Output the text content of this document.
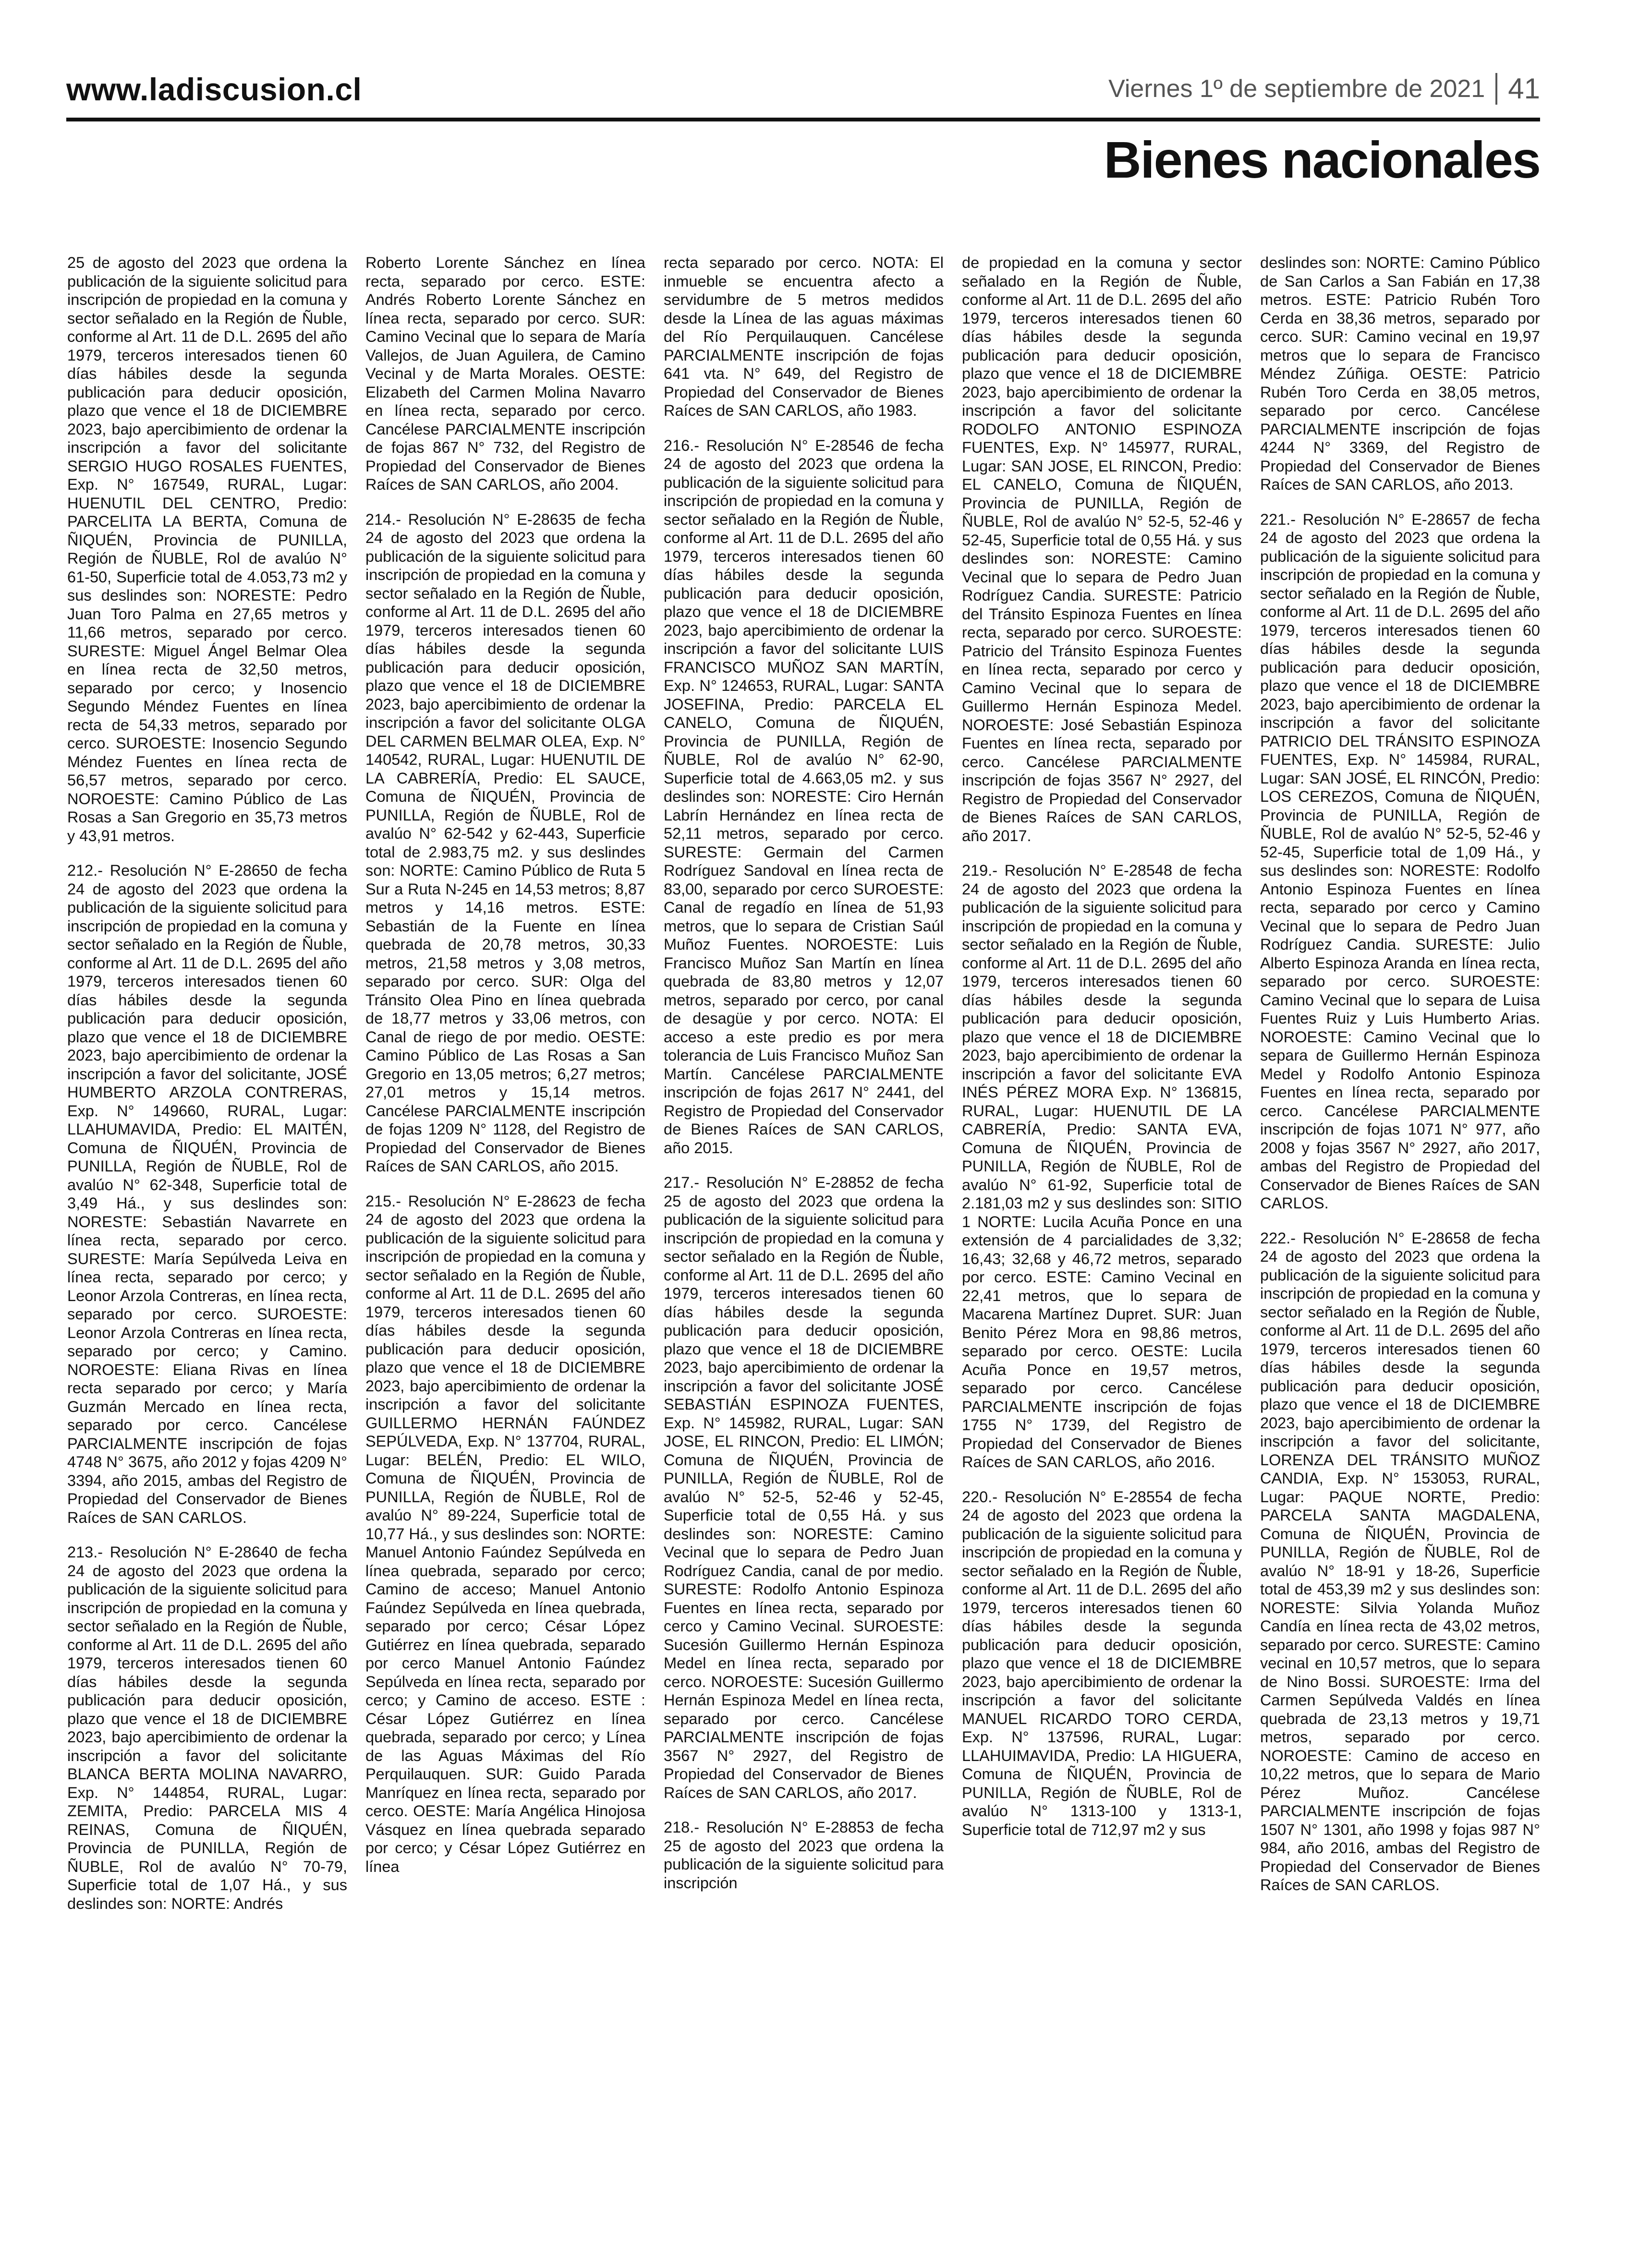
www.ladiscusion.cl	Viernes 1º de septiembre de 2021 41
Bienes nacionales

25 de agosto del 2023 que ordena la publicación de la siguiente solicitud para inscripción de propiedad en la comuna y sector señalado en la Región de Ñuble, conforme al Art. 11 de D.L. 2695 del año 1979, terceros interesados tienen 60 días hábiles desde la segunda publicación para deducir oposición, plazo que vence el 18 de DICIEMBRE 2023, bajo apercibimiento de ordenar la inscripción a favor del solicitante SERGIO HUGO ROSALES FUENTES, Exp. N° 167549, RURAL, Lugar: HUENUTIL DEL CENTRO, Predio: PARCELITA LA BERTA, Comuna de ÑIQUÉN, Provincia de PUNILLA, Región de ÑUBLE, Rol de avalúo N° 61-50, Superficie total de 4.053,73 m2 y sus deslindes son: NORESTE: Pedro Juan Toro Palma en 27,65 metros y 11,66 metros, separado por cerco. SURESTE: Miguel Ángel Belmar Olea en línea recta de 32,50 metros, separado por cerco; y Inosencio Segundo Méndez Fuentes en línea recta de 54,33 metros, separado por cerco. SUROESTE: Inosencio Segundo Méndez Fuentes en línea recta de 56,57 metros, separado por cerco. NOROESTE: Camino Público de Las Rosas a San Gregorio en 35,73 metros y 43,91 metros.

212.- Resolución N° E-28650 de fecha 24 de agosto del 2023 que ordena la publicación de la siguiente solicitud para inscripción de propiedad en la comuna y sector señalado en la Región de Ñuble, conforme al Art. 11 de D.L. 2695 del año 1979, terceros interesados tienen 60 días hábiles desde la segunda publicación para deducir oposición, plazo que vence el 18 de DICIEMBRE 2023, bajo apercibimiento de ordenar la inscripción a favor del solicitante, JOSÉ HUMBERTO ARZOLA CONTRERAS, Exp. N° 149660, RURAL, Lugar: LLAHUMAVIDA, Predio: EL MAITÉN, Comuna de ÑIQUÉN, Provincia de PUNILLA, Región de ÑUBLE, Rol de avalúo N° 62-348, Superficie total de 3,49 Há., y sus deslindes son: NORESTE: Sebastián Navarrete en línea recta, separado por cerco. SURESTE: María Sepúlveda Leiva en línea recta, separado por cerco; y Leonor Arzola Contreras, en línea recta, separado por cerco. SUROESTE: Leonor Arzola Contreras en línea recta, separado por cerco; y Camino. NOROESTE: Eliana Rivas en línea recta separado por cerco; y María Guzmán Mercado en línea recta, separado por cerco. Cancélese PARCIALMENTE inscripción de fojas 4748 N° 3675, año 2012 y fojas 4209 N° 3394, año 2015, ambas del Registro de Propiedad del Conservador de Bienes Raíces de SAN CARLOS.

213.- Resolución N° E-28640 de fecha 24 de agosto del 2023 que ordena la publicación de la siguiente solicitud para inscripción de propiedad en la comuna y sector señalado en la Región de Ñuble, conforme al Art. 11 de D.L. 2695 del año 1979, terceros interesados tienen 60 días hábiles desde la segunda publicación para deducir oposición, plazo que vence el 18 de DICIEMBRE 2023, bajo apercibimiento de ordenar la inscripción a favor del solicitante BLANCA BERTA MOLINA NAVARRO, Exp. N° 144854, RURAL, Lugar: ZEMITA, Predio: PARCELA MIS 4 REINAS, Comuna de ÑIQUÉN, Provincia de PUNILLA, Región de ÑUBLE, Rol de avalúo N° 70-79, Superficie total de 1,07 Há., y sus deslindes son: NORTE: Andrés

Roberto Lorente Sánchez en línea recta, separado por cerco. ESTE: Andrés Roberto Lorente Sánchez en línea recta, separado por cerco. SUR: Camino Vecinal que lo separa de María Vallejos, de Juan Aguilera, de Camino Vecinal y de Marta Morales. OESTE: Elizabeth del Carmen Molina Navarro en línea recta, separado por cerco. Cancélese PARCIALMENTE inscripción de fojas 867 N° 732, del Registro de Propiedad del Conservador de Bienes Raíces de SAN CARLOS, año 2004.

214.- Resolución N° E-28635 de fecha 24 de agosto del 2023 que ordena la publicación de la siguiente solicitud para inscripción de propiedad en la comuna y sector señalado en la Región de Ñuble, conforme al Art. 11 de D.L. 2695 del año 1979, terceros interesados tienen 60 días hábiles desde la segunda publicación para deducir oposición, plazo que vence el 18 de DICIEMBRE 2023, bajo apercibimiento de ordenar la inscripción a favor del solicitante OLGA DEL CARMEN BELMAR OLEA, Exp. N° 140542, RURAL, Lugar: HUENUTIL DE LA CABRERÍA, Predio: EL SAUCE, Comuna de ÑIQUÉN, Provincia de PUNILLA, Región de ÑUBLE, Rol de avalúo N° 62-542 y 62-443, Superficie total de 2.983,75 m2. y sus deslindes son: NORTE: Camino Público de Ruta 5 Sur a Ruta N-245 en 14,53 metros; 8,87 metros y 14,16 metros. ESTE: Sebastián de la Fuente en línea quebrada de 20,78 metros, 30,33 metros, 21,58 metros y 3,08 metros, separado por cerco. SUR: Olga del Tránsito Olea Pino en línea quebrada de 18,77 metros y 33,06 metros, con Canal de riego de por medio. OESTE: Camino Público de Las Rosas a San Gregorio en 13,05 metros; 6,27 metros; 27,01 metros y 15,14 metros. Cancélese PARCIALMENTE inscripción de fojas 1209 N° 1128, del Registro de Propiedad del Conservador de Bienes Raíces de SAN CARLOS, año 2015.

215.- Resolución N° E-28623 de fecha 24 de agosto del 2023 que ordena la publicación de la siguiente solicitud para inscripción de propiedad en la comuna y sector señalado en la Región de Ñuble, conforme al Art. 11 de D.L. 2695 del año 1979, terceros interesados tienen 60 días hábiles desde la segunda publicación para deducir oposición, plazo que vence el 18 de DICIEMBRE 2023, bajo apercibimiento de ordenar la inscripción a favor del solicitante GUILLERMO HERNÁN FAÚNDEZ SEPÚLVEDA, Exp. N° 137704, RURAL, Lugar: BELÉN, Predio: EL WILO, Comuna de ÑIQUÉN, Provincia de PUNILLA, Región de ÑUBLE, Rol de avalúo N° 89-224, Superficie total de 10,77 Há., y sus deslindes son: NORTE: Manuel Antonio Faúndez Sepúlveda en línea quebrada, separado por cerco; Camino de acceso; Manuel Antonio Faúndez Sepúlveda en línea quebrada, separado por cerco; César López Gutiérrez en línea quebrada, separado por cerco Manuel Antonio Faúndez Sepúlveda en línea recta, separado por cerco; y Camino de acceso. ESTE : César López Gutiérrez en línea quebrada, separado por cerco; y Línea de las Aguas Máximas del Río Perquilauquen. SUR: Guido Parada Manríquez en línea recta, separado por cerco. OESTE: María Angélica Hinojosa Vásquez en línea quebrada separado por cerco; y César López Gutiérrez en línea

recta separado por cerco. NOTA: El inmueble se encuentra afecto a servidumbre de 5 metros medidos desde la Línea de las aguas máximas del Río Perquilauquen. Cancélese PARCIALMENTE inscripción de fojas 641 vta. N° 649, del Registro de Propiedad del Conservador de Bienes Raíces de SAN CARLOS, año 1983.

216.- Resolución N° E-28546 de fecha 24 de agosto del 2023 que ordena la publicación de la siguiente solicitud para inscripción de propiedad en la comuna y sector señalado en la Región de Ñuble, conforme al Art. 11 de D.L. 2695 del año 1979, terceros interesados tienen 60 días hábiles desde la segunda publicación para deducir oposición, plazo que vence el 18 de DICIEMBRE 2023, bajo apercibimiento de ordenar la inscripción a favor del solicitante LUIS FRANCISCO MUÑOZ SAN MARTÍN, Exp. N° 124653, RURAL, Lugar: SANTA JOSEFINA, Predio: PARCELA EL CANELO, Comuna de ÑIQUÉN, Provincia de PUNILLA, Región de ÑUBLE, Rol de avalúo N° 62-90, Superficie total de 4.663,05 m2. y sus deslindes son: NORESTE: Ciro Hernán Labrín Hernández en línea recta de 52,11 metros, separado por cerco. SURESTE: Germain del Carmen Rodríguez Sandoval en línea recta de 83,00, separado por cerco SUROESTE: Canal de regadío en línea de 51,93 metros, que lo separa de Cristian Saúl Muñoz Fuentes. NOROESTE: Luis Francisco Muñoz San Martín en línea quebrada de 83,80 metros y 12,07 metros, separado por cerco, por canal de desagüe y por cerco. NOTA: El acceso a este predio es por mera tolerancia de Luis Francisco Muñoz San Martín. Cancélese PARCIALMENTE inscripción de fojas 2617 N° 2441, del Registro de Propiedad del Conservador de Bienes Raíces de SAN CARLOS, año 2015.

217.- Resolución N° E-28852 de fecha 25 de agosto del 2023 que ordena la publicación de la siguiente solicitud para inscripción de propiedad en la comuna y sector señalado en la Región de Ñuble, conforme al Art. 11 de D.L. 2695 del año 1979, terceros interesados tienen 60 días hábiles desde la segunda publicación para deducir oposición, plazo que vence el 18 de DICIEMBRE 2023, bajo apercibimiento de ordenar la inscripción a favor del solicitante JOSÉ SEBASTIÁN ESPINOZA FUENTES, Exp. N° 145982, RURAL, Lugar: SAN JOSE, EL RINCON, Predio: EL LIMÓN; Comuna de ÑIQUÉN, Provincia de PUNILLA, Región de ÑUBLE, Rol de avalúo N° 52-5, 52-46 y 52-45, Superficie total de 0,55 Há. y sus deslindes son: NORESTE: Camino Vecinal que lo separa de Pedro Juan Rodríguez Candia, canal de por medio. SURESTE: Rodolfo Antonio Espinoza Fuentes en línea recta, separado por cerco y Camino Vecinal. SUROESTE: Sucesión Guillermo Hernán Espinoza Medel en línea recta, separado por cerco. NOROESTE: Sucesión Guillermo Hernán Espinoza Medel en línea recta, separado por cerco. Cancélese PARCIALMENTE inscripción de fojas 3567 N° 2927, del Registro de Propiedad del Conservador de Bienes Raíces de SAN CARLOS, año 2017.

218.- Resolución N° E-28853 de fecha 25 de agosto del 2023 que ordena la publicación de la siguiente solicitud para inscripción

de propiedad en la comuna y sector señalado en la Región de Ñuble, conforme al Art. 11 de D.L. 2695 del año 1979, terceros interesados tienen 60 días hábiles desde la segunda publicación para deducir oposición, plazo que vence el 18 de DICIEMBRE 2023, bajo apercibimiento de ordenar la inscripción a favor del solicitante RODOLFO ANTONIO ESPINOZA FUENTES, Exp. N° 145977, RURAL, Lugar: SAN JOSE, EL RINCON, Predio: EL CANELO, Comuna de ÑIQUÉN, Provincia de PUNILLA, Región de ÑUBLE, Rol de avalúo N° 52-5, 52-46 y 52-45, Superficie total de 0,55 Há. y sus deslindes son: NORESTE: Camino Vecinal que lo separa de Pedro Juan Rodríguez Candia. SURESTE: Patricio del Tránsito Espinoza Fuentes en línea recta, separado por cerco. SUROESTE: Patricio del Tránsito Espinoza Fuentes en línea recta, separado por cerco y Camino Vecinal que lo separa de Guillermo Hernán Espinoza Medel. NOROESTE: José Sebastián Espinoza Fuentes en línea recta, separado por cerco. Cancélese PARCIALMENTE inscripción de fojas 3567 N° 2927, del Registro de Propiedad del Conservador de Bienes Raíces de SAN CARLOS, año 2017.

219.- Resolución N° E-28548 de fecha 24 de agosto del 2023 que ordena la publicación de la siguiente solicitud para inscripción de propiedad en la comuna y sector señalado en la Región de Ñuble, conforme al Art. 11 de D.L. 2695 del año 1979, terceros interesados tienen 60 días hábiles desde la segunda publicación para deducir oposición, plazo que vence el 18 de DICIEMBRE 2023, bajo apercibimiento de ordenar la inscripción a favor del solicitante EVA INÉS PÉREZ MORA Exp. N° 136815, RURAL, Lugar: HUENUTIL DE LA CABRERÍA, Predio: SANTA EVA, Comuna de ÑIQUÉN, Provincia de PUNILLA, Región de ÑUBLE, Rol de avalúo N° 61-92, Superficie total de 2.181,03 m2 y sus deslindes son: SITIO 1 NORTE: Lucila Acuña Ponce en una extensión de 4 parcialidades de 3,32; 16,43; 32,68 y 46,72 metros, separado por cerco. ESTE: Camino Vecinal en 22,41 metros, que lo separa de Macarena Martínez Dupret. SUR: Juan Benito Pérez Mora en 98,86 metros, separado por cerco. OESTE: Lucila Acuña Ponce en 19,57 metros, separado por cerco. Cancélese PARCIALMENTE inscripción de fojas 1755 N° 1739, del Registro de Propiedad del Conservador de Bienes Raíces de SAN CARLOS, año 2016.

220.- Resolución N° E-28554 de fecha 24 de agosto del 2023 que ordena la publicación de la siguiente solicitud para inscripción de propiedad en la comuna y sector señalado en la Región de Ñuble, conforme al Art. 11 de D.L. 2695 del año 1979, terceros interesados tienen 60 días hábiles desde la segunda publicación para deducir oposición, plazo que vence el 18 de DICIEMBRE 2023, bajo apercibimiento de ordenar la inscripción a favor del solicitante MANUEL RICARDO TORO CERDA, Exp. N° 137596, RURAL, Lugar: LLAHUIMAVIDA, Predio: LA HIGUERA, Comuna de ÑIQUÉN, Provincia de PUNILLA, Región de ÑUBLE, Rol de avalúo N° 1313-100 y 1313-1, Superficie total de 712,97 m2 y sus

deslindes son: NORTE: Camino Público de San Carlos a San Fabián en 17,38 metros. ESTE: Patricio Rubén Toro Cerda en 38,36 metros, separado por cerco. SUR: Camino vecinal en 19,97 metros que lo separa de Francisco Méndez Zúñiga. OESTE: Patricio Rubén Toro Cerda en 38,05 metros, separado por cerco. Cancélese PARCIALMENTE inscripción de fojas 4244 N° 3369, del Registro de Propiedad del Conservador de Bienes Raíces de SAN CARLOS, año 2013.

221.- Resolución N° E-28657 de fecha 24 de agosto del 2023 que ordena la publicación de la siguiente solicitud para inscripción de propiedad en la comuna y sector señalado en la Región de Ñuble, conforme al Art. 11 de D.L. 2695 del año 1979, terceros interesados tienen 60 días hábiles desde la segunda publicación para deducir oposición, plazo que vence el 18 de DICIEMBRE 2023, bajo apercibimiento de ordenar la inscripción a favor del solicitante PATRICIO DEL TRÁNSITO ESPINOZA FUENTES, Exp. N° 145984, RURAL, Lugar: SAN JOSÉ, EL RINCÓN, Predio: LOS CEREZOS, Comuna de ÑIQUÉN, Provincia de PUNILLA, Región de ÑUBLE, Rol de avalúo N° 52-5, 52-46 y 52-45, Superficie total de 1,09 Há., y sus deslindes son: NORESTE: Rodolfo Antonio Espinoza Fuentes en línea recta, separado por cerco y Camino Vecinal que lo separa de Pedro Juan Rodríguez Candia. SURESTE: Julio Alberto Espinoza Aranda en línea recta, separado por cerco. SUROESTE: Camino Vecinal que lo separa de Luisa Fuentes Ruiz y Luis Humberto Arias. NOROESTE: Camino Vecinal que lo separa de Guillermo Hernán Espinoza Medel y Rodolfo Antonio Espinoza Fuentes en línea recta, separado por cerco. Cancélese PARCIALMENTE inscripción de fojas 1071 N° 977, año 2008 y fojas 3567 N° 2927, año 2017, ambas del Registro de Propiedad del Conservador de Bienes Raíces de SAN CARLOS.

222.- Resolución N° E-28658 de fecha 24 de agosto del 2023 que ordena la publicación de la siguiente solicitud para inscripción de propiedad en la comuna y sector señalado en la Región de Ñuble, conforme al Art. 11 de D.L. 2695 del año 1979, terceros interesados tienen 60 días hábiles desde la segunda publicación para deducir oposición, plazo que vence el 18 de DICIEMBRE 2023, bajo apercibimiento de ordenar la inscripción a favor del solicitante, LORENZA DEL TRÁNSITO MUÑOZ CANDIA, Exp. N° 153053, RURAL, Lugar: PAQUE NORTE, Predio: PARCELA SANTA MAGDALENA, Comuna de ÑIQUÉN, Provincia de PUNILLA, Región de ÑUBLE, Rol de avalúo N° 18-91 y 18-26, Superficie total de 453,39 m2 y sus deslindes son: NORESTE: Silvia Yolanda Muñoz Candía en línea recta de 43,02 metros, separado por cerco. SURESTE: Camino vecinal en 10,57 metros, que lo separa de Nino Bossi. SUROESTE: Irma del Carmen Sepúlveda Valdés en línea quebrada de 23,13 metros y 19,71 metros, separado por cerco. NOROESTE: Camino de acceso en 10,22 metros, que lo separa de Mario Pérez Muñoz. Cancélese PARCIALMENTE inscripción de fojas 1507 N° 1301, año 1998 y fojas 987 N° 984, año 2016, ambas del Registro de Propiedad del Conservador de Bienes Raíces de SAN CARLOS.
